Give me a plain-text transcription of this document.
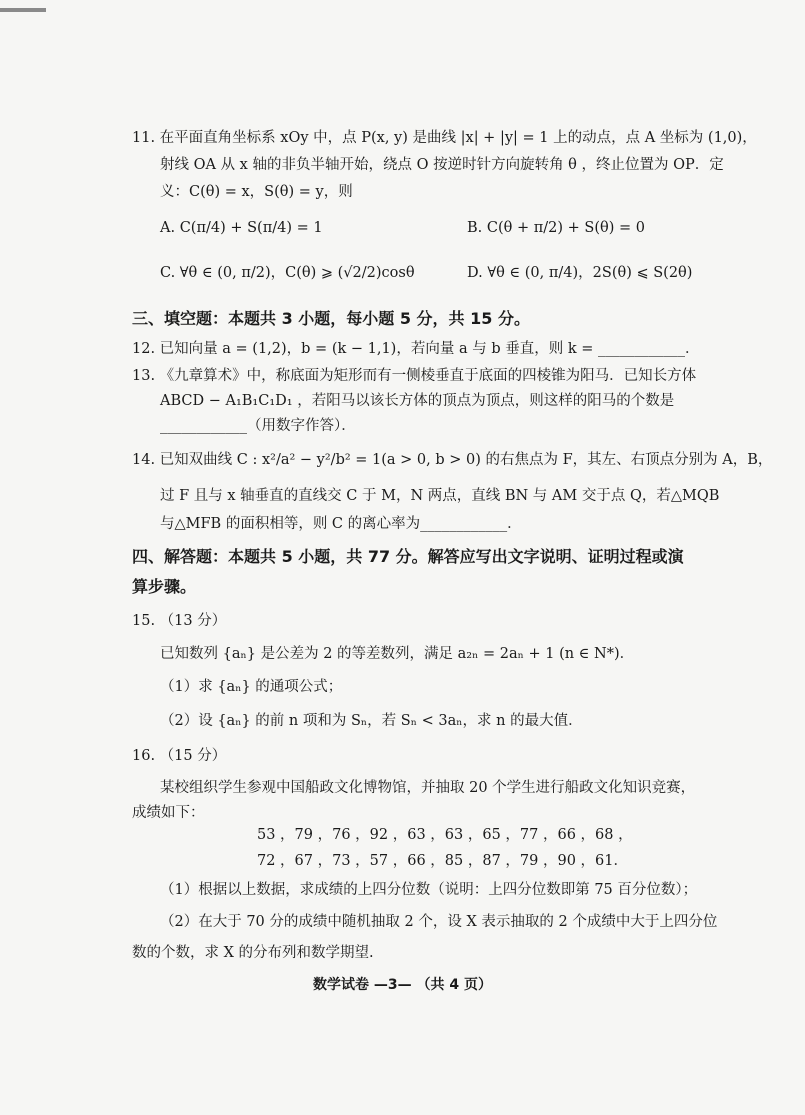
11. 在平面直角坐标系 xOy 中，点 P(x, y) 是曲线 |x| + |y| = 1 上的动点，点 A 坐标为 (1,0)，
射线 OA 从 x 轴的非负半轴开始，绕点 O 按逆时针方向旋转角 θ ，终止位置为 OP．定
义：C(θ) = x，S(θ) = y，则
A. C(π/4) + S(π/4) = 1	B. C(θ + π/2) + S(θ) = 0
C. ∀θ ∈ (0, π/2)，C(θ) ⩾ (√2/2)cosθ	D. ∀θ ∈ (0, π/4)，2S(θ) ⩽ S(2θ)
三、填空题：本题共 3 小题，每小题 5 分，共 15 分。
12. 已知向量 a = (1,2)，b = (k − 1,1)，若向量 a 与 b 垂直，则 k = ____________．
13. 《九章算术》中，称底面为矩形而有一侧棱垂直于底面的四棱锥为阳马．已知长方体
ABCD − A₁B₁C₁D₁ ，若阳马以该长方体的顶点为顶点，则这样的阳马的个数是
____________（用数字作答）．
14. 已知双曲线 C : x²/a² − y²/b² = 1(a > 0, b > 0) 的右焦点为 F，其左、右顶点分别为 A，B，
过 F 且与 x 轴垂直的直线交 C 于 M，N 两点，直线 BN 与 AM 交于点 Q，若△MQB
与△MFB 的面积相等，则 C 的离心率为____________．
四、解答题：本题共 5 小题，共 77 分。解答应写出文字说明、证明过程或演
算步骤。
15. （13 分）
已知数列 {aₙ} 是公差为 2 的等差数列，满足 a₂ₙ = 2aₙ + 1 (n ∈ N*)．
（1）求 {aₙ} 的通项公式；
（2）设 {aₙ} 的前 n 项和为 Sₙ，若 Sₙ < 3aₙ，求 n 的最大值．
16. （15 分）
某校组织学生参观中国船政文化博物馆，并抽取 20 个学生进行船政文化知识竞赛，
成绩如下：
53 ，79 ，76 ，92 ，63 ，63 ，65 ，77 ，66 ，68 ，
72 ，67 ，73 ，57 ，66 ，85 ，87 ，79 ，90 ，61．
（1）根据以上数据，求成绩的上四分位数（说明：上四分位数即第 75 百分位数）；
（2）在大于 70 分的成绩中随机抽取 2 个，设 X 表示抽取的 2 个成绩中大于上四分位
数的个数，求 X 的分布列和数学期望.
数学试卷 —3— （共 4 页）
